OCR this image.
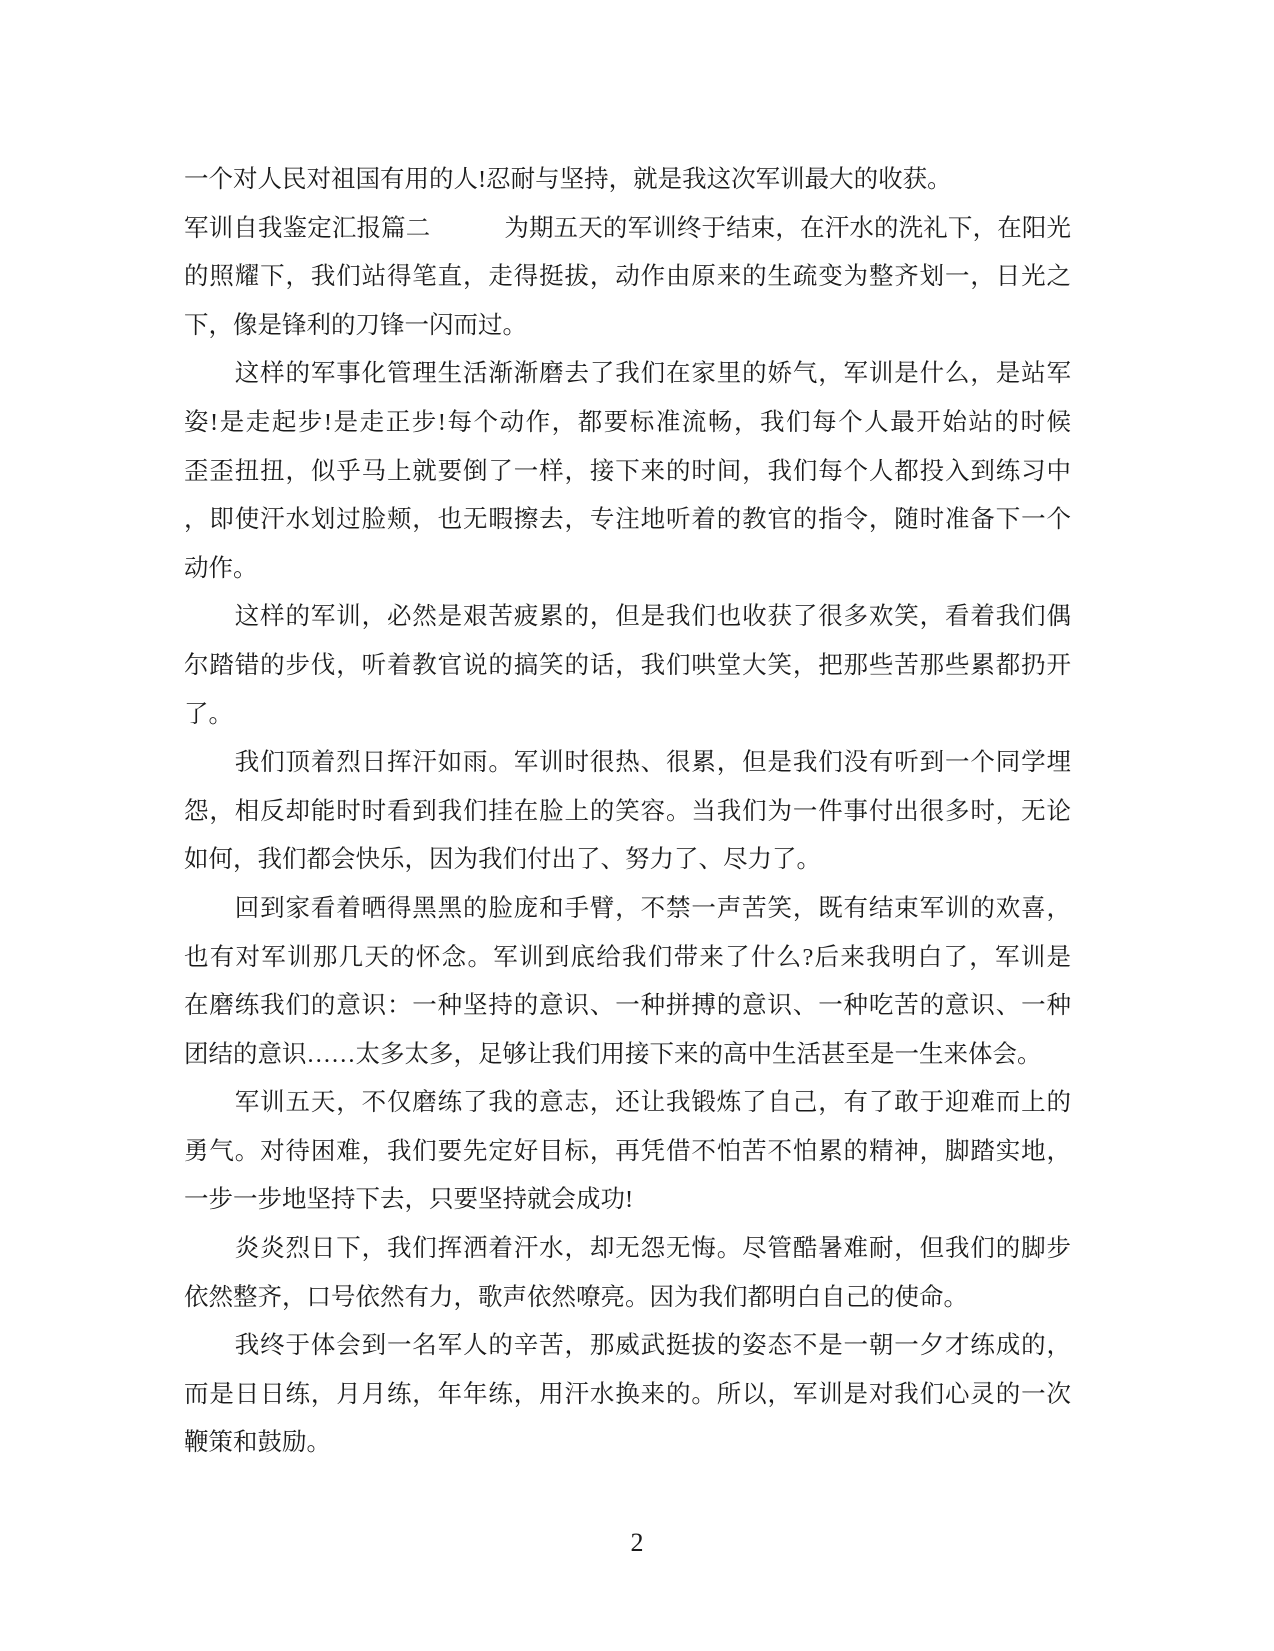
一个对人民对祖国有用的人!忍耐与坚持，就是我这次军训最大的收获。
军训自我鉴定汇报篇二　　　为期五天的军训终于结束，在汗水的洗礼下，在阳光
的照耀下，我们站得笔直，走得挺拔，动作由原来的生疏变为整齐划一，日光之
下，像是锋利的刀锋一闪而过。
　　这样的军事化管理生活渐渐磨去了我们在家里的娇气，军训是什么，是站军
姿!是走起步!是走正步!每个动作，都要标准流畅，我们每个人最开始站的时候
歪歪扭扭，似乎马上就要倒了一样，接下来的时间，我们每个人都投入到练习中
，即使汗水划过脸颊，也无暇擦去，专注地听着的教官的指令，随时准备下一个
动作。
　　这样的军训，必然是艰苦疲累的，但是我们也收获了很多欢笑，看着我们偶
尔踏错的步伐，听着教官说的搞笑的话，我们哄堂大笑，把那些苦那些累都扔开
了。
　　我们顶着烈日挥汗如雨。军训时很热、很累，但是我们没有听到一个同学埋
怨，相反却能时时看到我们挂在脸上的笑容。当我们为一件事付出很多时，无论
如何，我们都会快乐，因为我们付出了、努力了、尽力了。
　　回到家看着晒得黑黑的脸庞和手臂，不禁一声苦笑，既有结束军训的欢喜，
也有对军训那几天的怀念。军训到底给我们带来了什么?后来我明白了，军训是
在磨练我们的意识：一种坚持的意识、一种拼搏的意识、一种吃苦的意识、一种
团结的意识……太多太多，足够让我们用接下来的高中生活甚至是一生来体会。
　　军训五天，不仅磨练了我的意志，还让我锻炼了自己，有了敢于迎难而上的
勇气。对待困难，我们要先定好目标，再凭借不怕苦不怕累的精神，脚踏实地，
一步一步地坚持下去，只要坚持就会成功!
　　炎炎烈日下，我们挥洒着汗水，却无怨无悔。尽管酷暑难耐，但我们的脚步
依然整齐，口号依然有力，歌声依然嘹亮。因为我们都明白自己的使命。
　　我终于体会到一名军人的辛苦，那威武挺拔的姿态不是一朝一夕才练成的，
而是日日练，月月练，年年练，用汗水换来的。所以，军训是对我们心灵的一次
鞭策和鼓励。
2
